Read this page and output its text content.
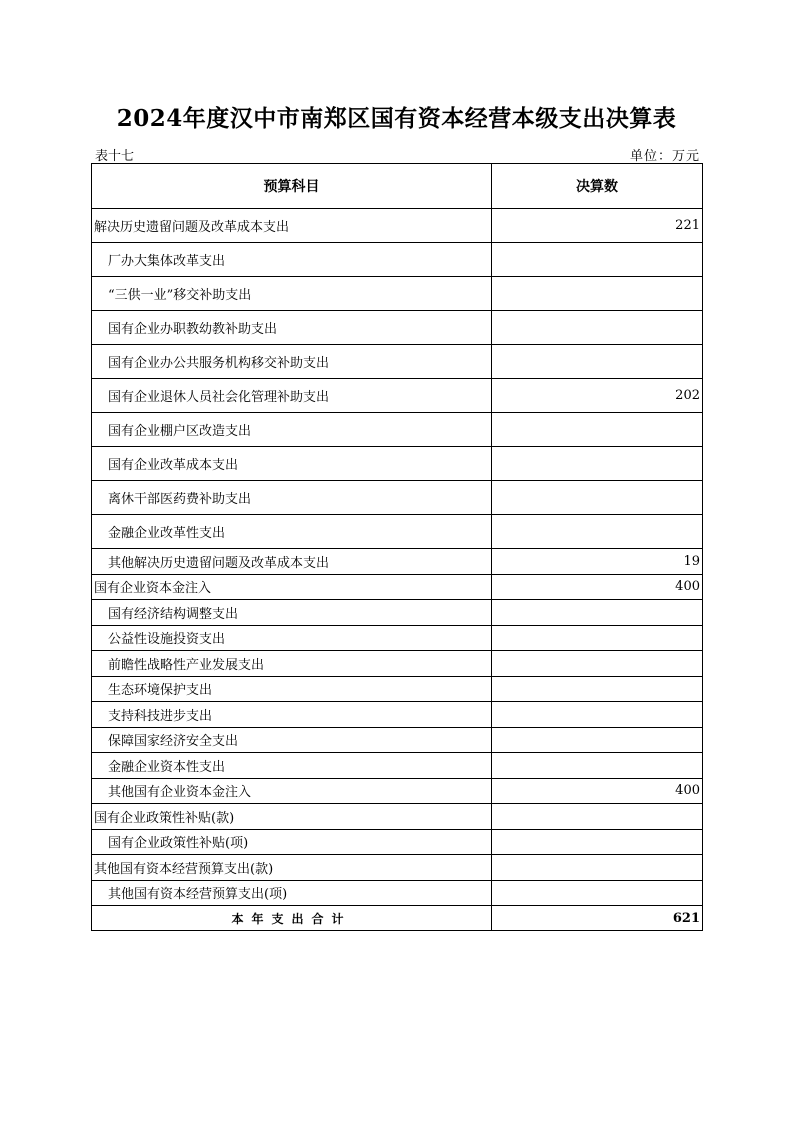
2024年度汉中市南郑区国有资本经营本级支出决算表
表十七	单位：万元
预算科目	决算数
解决历史遗留问题及改革成本支出	221
厂办大集体改革支出	
“三供一业”移交补助支出	
国有企业办职教幼教补助支出	
国有企业办公共服务机构移交补助支出	
国有企业退休人员社会化管理补助支出	202
国有企业棚户区改造支出	
国有企业改革成本支出	
离休干部医药费补助支出	
金融企业改革性支出	
其他解决历史遗留问题及改革成本支出	19
国有企业资本金注入	400
国有经济结构调整支出	
公益性设施投资支出	
前瞻性战略性产业发展支出	
生态环境保护支出	
支持科技进步支出	
保障国家经济安全支出	
金融企业资本性支出	
其他国有企业资本金注入	400
国有企业政策性补贴(款)	
国有企业政策性补贴(项)	
其他国有资本经营预算支出(款)	
其他国有资本经营预算支出(项)	
本年支出合计	621
